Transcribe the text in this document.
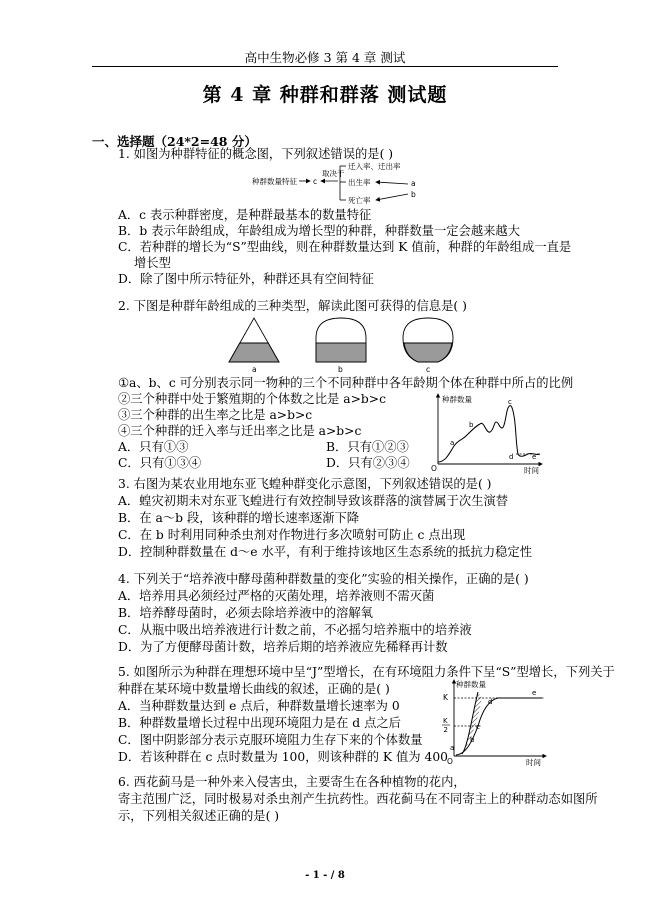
高中生物必修 3 第 4 章 测试
第 4 章 种群和群落 测试题
一、选择题（24*2=48 分）
1. 如图为种群特征的概念图，下列叙述错误的是( )
种群数量特征 c
取决于
迁入率、迁出率
出生率
死亡率
a
b
A．c 表示种群密度，是种群最基本的数量特征
B．b 表示年龄组成，年龄组成为增长型的种群，种群数量一定会越来越大
C．若种群的增长为“S”型曲线，则在种群数量达到 K 值前，种群的年龄组成一直是
增长型
D．除了图中所示特征外，种群还具有空间特征
2. 下图是种群年龄组成的三种类型，解读此图可获得的信息是( )
a	b	c
①a、b、c 可分别表示同一物种的三个不同种群中各年龄期个体在种群中所占的比例
②三个种群中处于繁殖期的个体数之比是 a>b>c
③三个种群的出生率之比是 a>b>c
④三个种群的迁入率与迁出率之比是 a>b>c
A．只有①③	B．只有①②③
C．只有①③④	D．只有②③④
种群数量
时间
O
a
b
c
d	e
3. 右图为某农业用地东亚飞蝗种群变化示意图，下列叙述错误的是( )
A．蝗灾初期未对东亚飞蝗进行有效控制导致该群落的演替属于次生演替
B．在 a～b 段，该种群的增长速率逐渐下降
C．在 b 时利用同种杀虫剂对作物进行多次喷射可防止 c 点出现
D．控制种群数量在 d～e 水平，有利于维持该地区生态系统的抵抗力稳定性
4. 下列关于“培养液中酵母菌种群数量的变化”实验的相关操作，正确的是( )
A．培养用具必须经过严格的灭菌处理，培养液则不需灭菌
B．培养酵母菌时，必须去除培养液中的溶解氧
C．从瓶中吸出培养液进行计数之前，不必摇匀培养瓶中的培养液
D．为了方便酵母菌计数，培养后期的培养液应先稀释再计数
5. 如图所示为种群在理想环境中呈“J”型增长，在有环境阻力条件下呈“S”型增长，下列关于
种群在某环境中数量增长曲线的叙述，正确的是( )
A．当种群数量达到 e 点后，种群数量增长速率为 0
B．种群数量增长过程中出现环境阻力是在 d 点之后
C．图中阴影部分表示克服环境阻力生存下来的个体数量
D．若该种群在 c 点时数量为 100，则该种群的 K 值为 400
种群数量
时间
O
K
K
2
a
b
c
d
e
6. 西花蓟马是一种外来入侵害虫，主要寄生在各种植物的花内，
寄主范围广泛，同时极易对杀虫剂产生抗药性。西花蓟马在不同寄主上的种群动态如图所
示，下列相关叙述正确的是( )
- 1 - / 8
